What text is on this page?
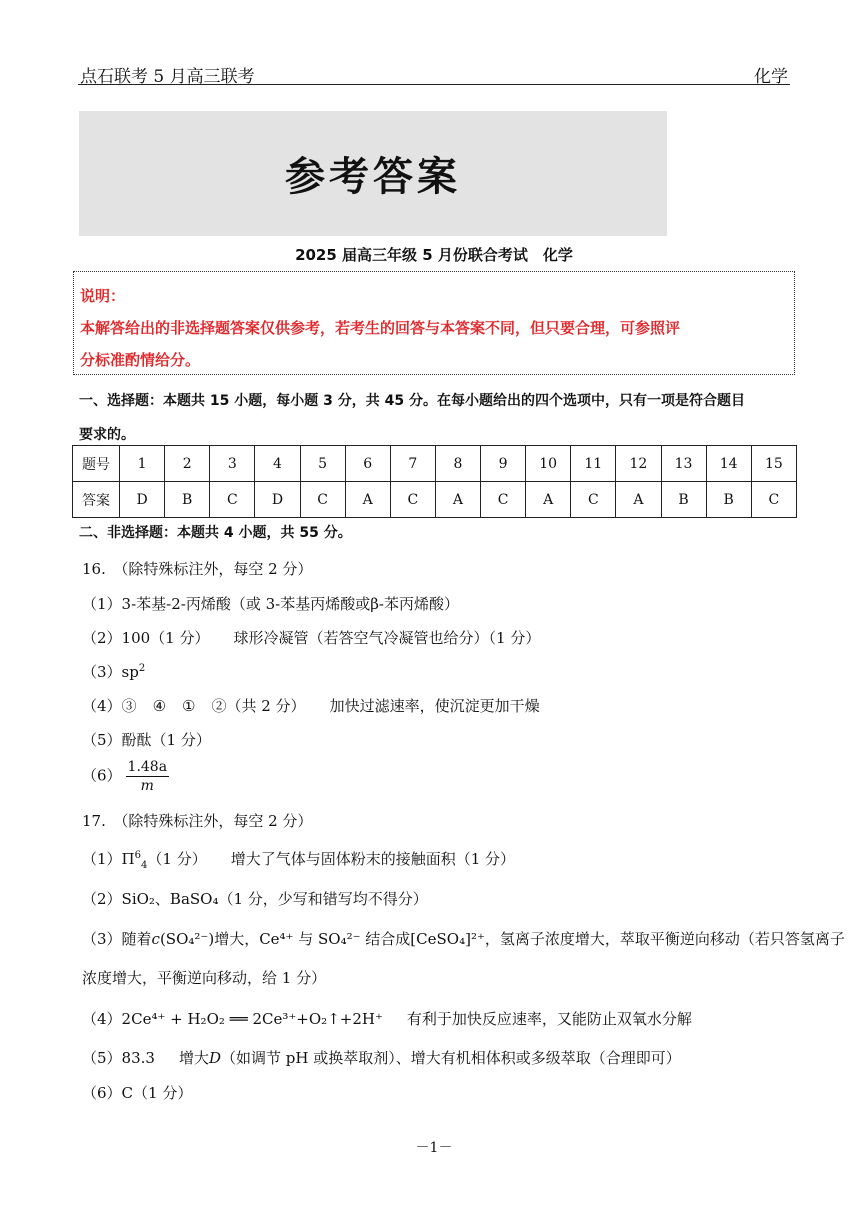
点石联考 5 月高三联考	化学
参考答案
2025 届高三年级 5 月份联合考试　化学
说明：
本解答给出的非选择题答案仅供参考，若考生的回答与本答案不同，但只要合理，可参照评
分标准酌情给分。
一、选择题：本题共 15 小题，每小题 3 分，共 45 分。在每小题给出的四个选项中，只有一项是符合题目
要求的。
题号	1	2	3	4	5	6	7	8	9	10	11	12	13	14	15
答案	D	B	C	D	C	A	C	A	C	A	C	A	B	B	C
二、非选择题：本题共 4 小题，共 55 分。
16.　（除特殊标注外，每空 2 分）
（1）3-苯基-2-丙烯酸（或 3-苯基丙烯酸或β-苯丙烯酸）
（2）100（1 分） 球形冷凝管（若答空气冷凝管也给分）（1 分）
$(3)sp^2$
（4）③ ④ ① ②（共 2 分） 加快过滤速率，使沉淀更加干燥
（5）酚酞（1 分）
$(6) \frac{1.48a}{m}$
17.　（除特殊标注外，每空 2 分）
$(1)\Pi^6_4(1$ 分） 增大了气体与固体粉末的接触面积（1 分）
（2）SiO₂、BaSO₄（1 分，少写和错写均不得分）
（3）随着c(SO₄²⁻)增大，Ce⁴⁺ 与 SO₄²⁻ 结合成[CeSO₄]²⁺，氢离子浓度增大，萃取平衡逆向移动（若只答氢离子
浓度增大，平衡逆向移动，给 1 分）
（4）2Ce⁴⁺ + H₂O₂ ══ 2Ce³⁺+O₂↑+2H⁺ 有利于加快反应速率，又能防止双氧水分解
（5）83.3 增大D（如调节 pH 或换萃取剂）、增大有机相体积或多级萃取（合理即可）
（6）C（1 分）
－1－
